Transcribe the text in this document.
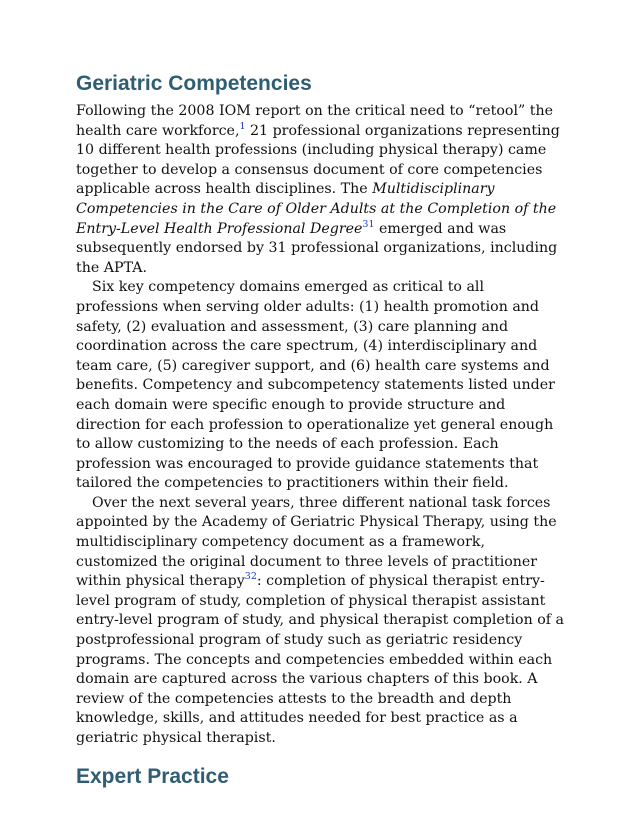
Geriatric Competencies

Following the 2008 IOM report on the critical need to “retool” the health care workforce,$^1$ 21 professional organizations representing 10 different health professions (including physical therapy) came together to develop a consensus document of core competencies applicable across health disciplines. The Multidisciplinary Competencies in the Care of Older Adults at the Completion of the Entry-Level Health Professional Degree$^{31}$ emerged and was subsequently endorsed by 31 professional organizations, including the APTA.

Six key competency domains emerged as critical to all professions when serving older adults: (1) health promotion and safety, (2) evaluation and assessment, (3) care planning and coordination across the care spectrum, (4) interdisciplinary and team care, (5) caregiver support, and (6) health care systems and benefits. Competency and subcompetency statements listed under each domain were specific enough to provide structure and direction for each profession to operationalize yet general enough to allow customizing to the needs of each profession. Each profession was encouraged to provide guidance statements that tailored the competencies to practitioners within their field.

Over the next several years, three different national task forces appointed by the Academy of Geriatric Physical Therapy, using the multidisciplinary competency document as a framework, customized the original document to three levels of practitioner within physical therapy$^{32}$: completion of physical therapist entry-level program of study, completion of physical therapist assistant entry-level program of study, and physical therapist completion of a postprofessional program of study such as geriatric residency programs. The concepts and competencies embedded within each domain are captured across the various chapters of this book. A review of the competencies attests to the breadth and depth knowledge, skills, and attitudes needed for best practice as a geriatric physical therapist.

Expert Practice
